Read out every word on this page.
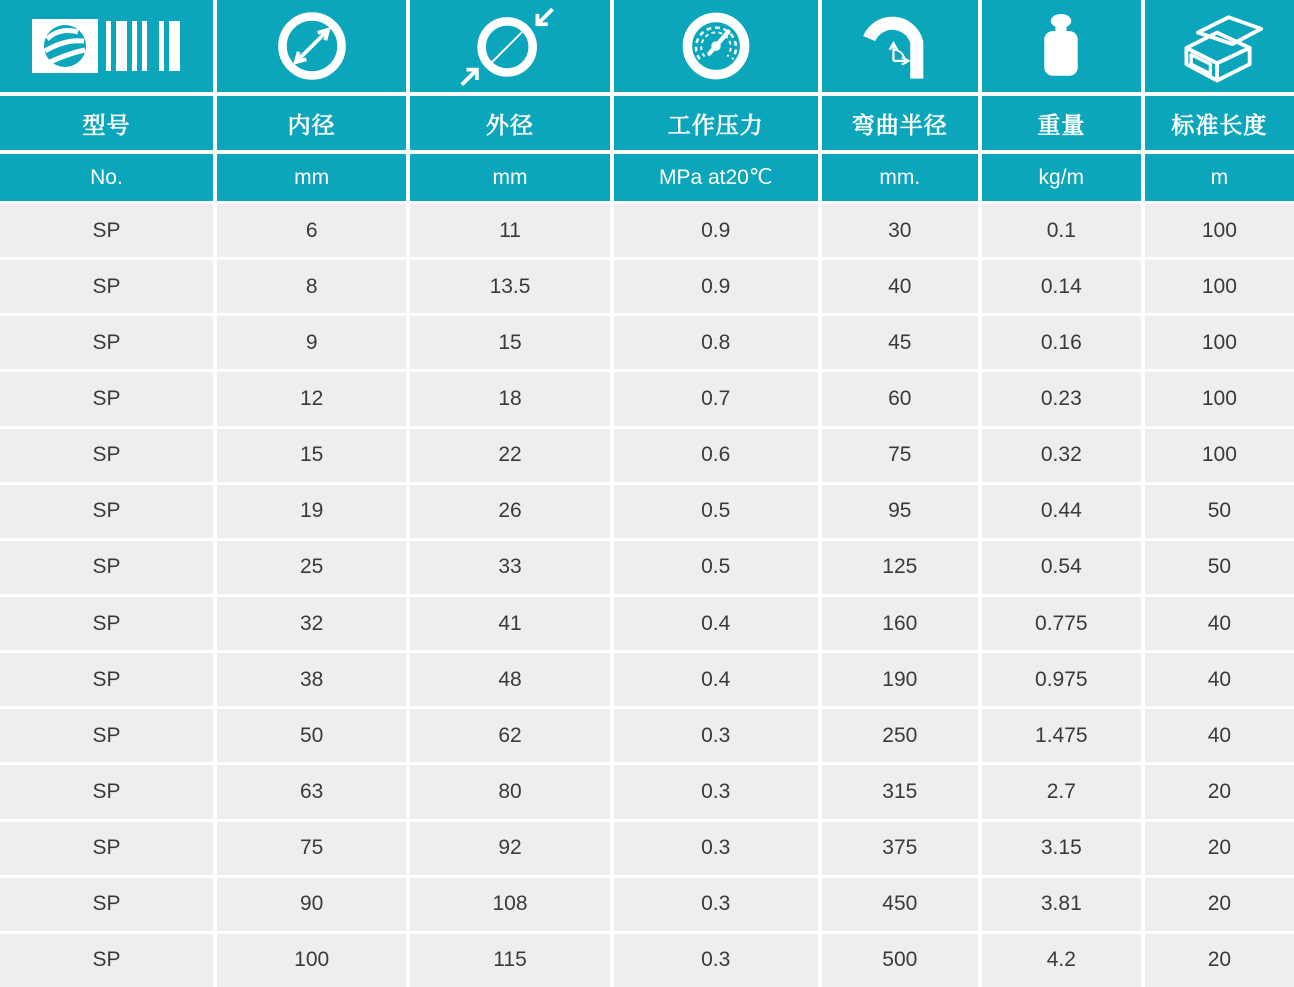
型号	内径	外径	工作压力	弯曲半径	重量	标准长度
No.	mm	mm	MPa at20℃	mm.	kg/m	m
SP	6	11	0.9	30	0.1	100
SP	8	13.5	0.9	40	0.14	100
SP	9	15	0.8	45	0.16	100
SP	12	18	0.7	60	0.23	100
SP	15	22	0.6	75	0.32	100
SP	19	26	0.5	95	0.44	50
SP	25	33	0.5	125	0.54	50
SP	32	41	0.4	160	0.775	40
SP	38	48	0.4	190	0.975	40
SP	50	62	0.3	250	1.475	40
SP	63	80	0.3	315	2.7	20
SP	75	92	0.3	375	3.15	20
SP	90	108	0.3	450	3.81	20
SP	100	115	0.3	500	4.2	20
